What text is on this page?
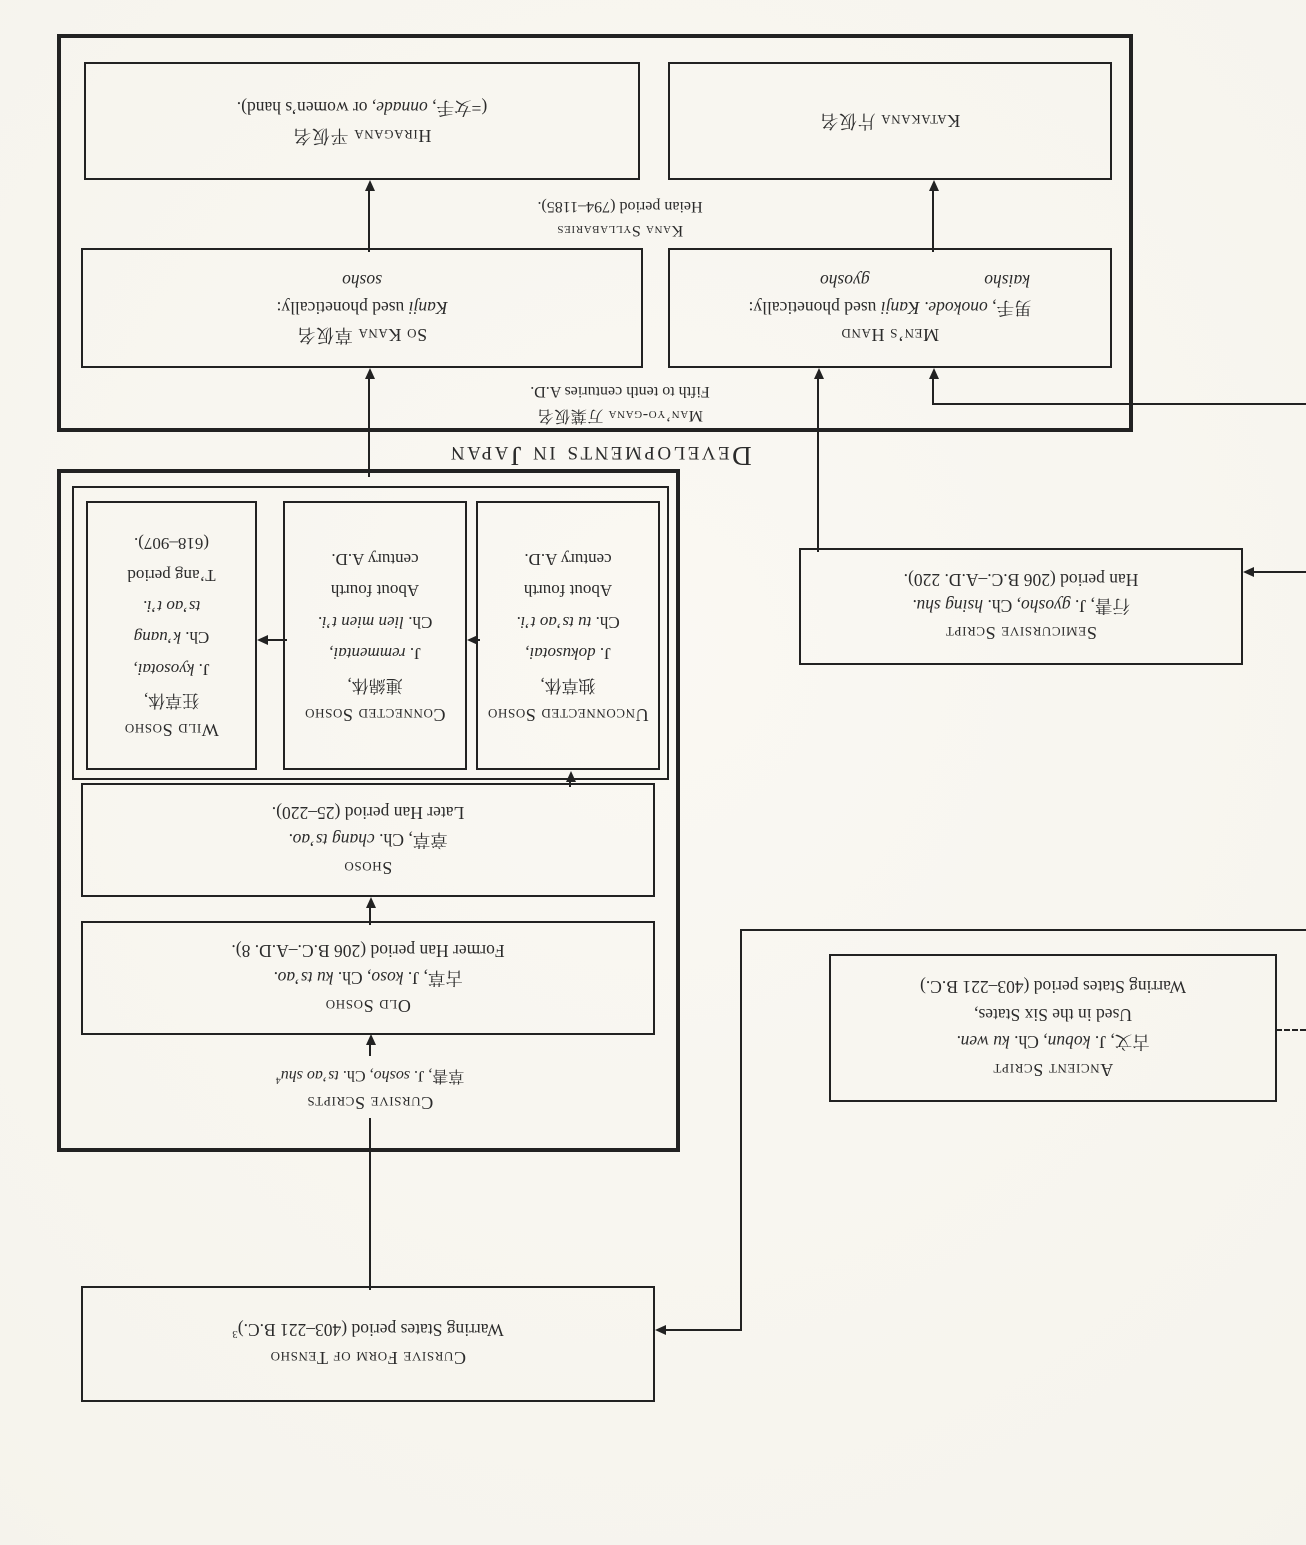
Cursive Form of Tensho
Warring States period (403–221 B.C.)$^3$
Ancient Script
古文, J. kobun, Ch. ku wen.
Used in the Six States,
Warring States period (403–221 B.C.)
Cursive Scripts
草書, J. sosho, Ch. ts’ao shu$^4$
Old Sosho
古草, J. koso, Ch. ku ts’ao.
Former Han period (206 B.C.–A.D. 8).
Shoso
章草, Ch. chang ts’ao.
Later Han period (25–220).
Unconnected Sosho
独草体,
J. dokusotai,
Ch. tu ts’ao t’i.
About fourth
century A.D.
Connected Sosho
連綿体,
J. remmentai,
Ch. lien mien t’i.
About fourth
century A.D.
Wild Sosho
狂草体,
J. kyosotai,
Ch. k’uang
ts’ao t’i.
T’ang period
(618–907).
Semicursive Script
行書, J. gyosho, Ch. hsing shu.
Han period (206 B.C.–A.D. 220).
Developments in Japan
Man’yo-gana 万葉仮名
Fifth to tenth centuries A.D.
Men’s Hand
男手, onokode. Kanji used phonetically:
kaisho
gyosho
So Kana 草仮名
Kanji used phonetically:
sosho
Kana Syllabaries
Heian period (794–1185).
Katakana 片仮名
Hiragana 平仮名
(=女手, onnade, or women’s hand).
